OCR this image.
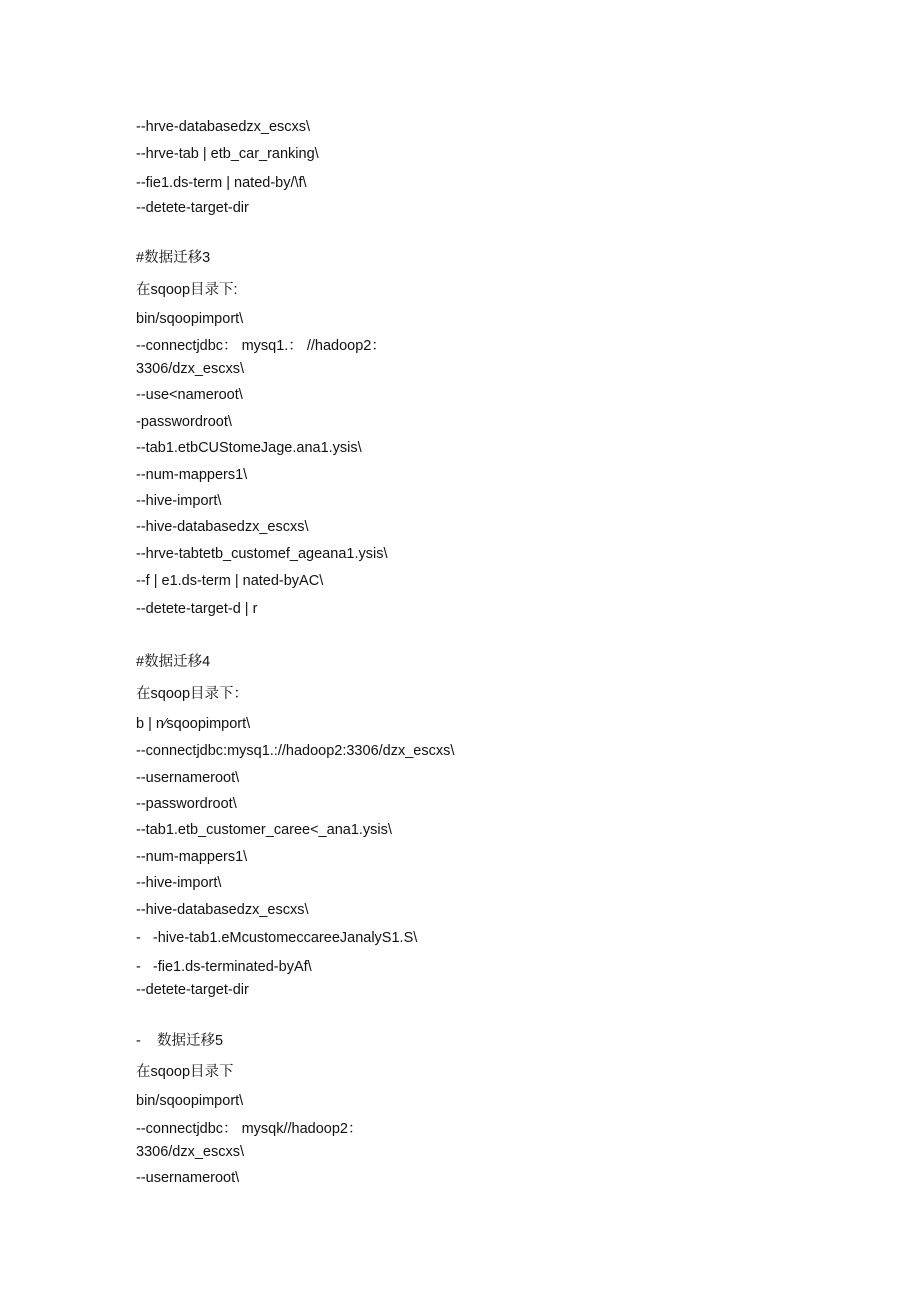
--hrve-databasedzx_escxs\
--hrve-tab | etb_car_ranking\
--fie1.ds-term | nated-by/\f\
--detete-target-dir
#数据迁移3
在sqoop目录下:
bin/sqoopimport\
--connectjdbc： mysq1.： //hadoop2：
3306/dzx_escxs\
--use<nameroot\
-passwordroot\
--tab1.etbCUStomeJage.ana1.ysis\
--num-mappers1\
--hive-import\
--hive-databasedzx_escxs\
--hrve-tabtetb_customef_ageana1.ysis\
--f | e1.ds-term | nated-byAC\
--detete-target-d | r
#数据迁移4
在sqoop目录下：
b | n⁄sqoopimport\
--connectjdbc:mysq1.://hadoop2:3306/dzx_escxs\
--usernameroot\
--passwordroot\
--tab1.etb_customer_caree<_ana1.ysis\
--num-mappers1\
--hive-import\
--hive-databasedzx_escxs\
-   -hive-tab1.eMcustomeccareeJanalyS1.S\
-   -fie1.ds-terminated-byAf\
--detete-target-dir
-    数据迁移5
在sqoop目录下
bin/sqoopimport\
--connectjdbc： mysqk//hadoop2：
3306/dzx_escxs\
--usernameroot\
